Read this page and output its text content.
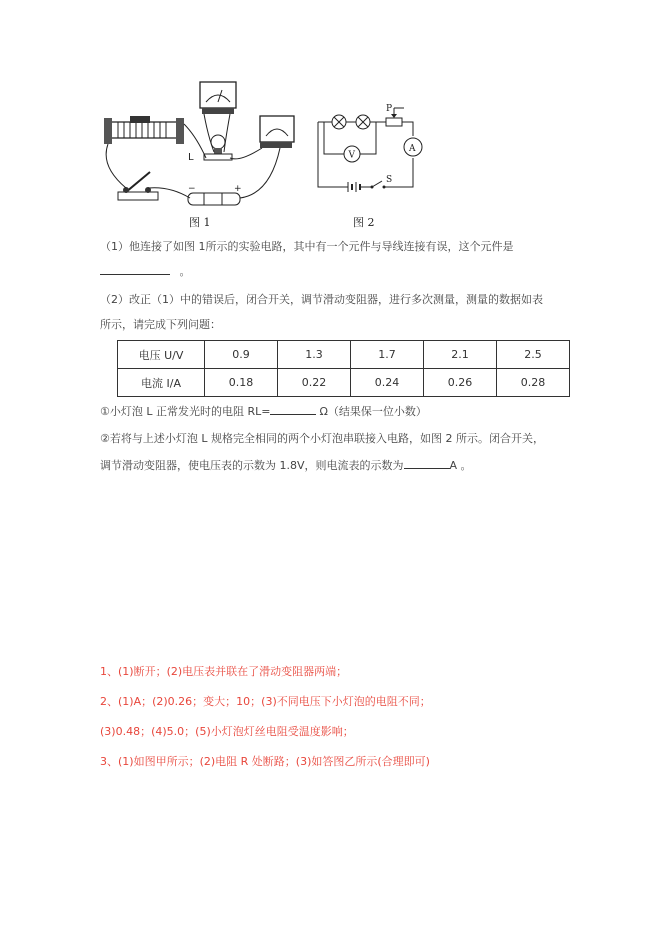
−	+
L
图 1
P
V
A
S
图 2
（1）他连接了如图 1所示的实验电路，其中有一个元件与导线连接有误，这个元件是
。
（2）改正（1）中的错误后，闭合开关，调节滑动变阻器，进行多次测量，测量的数据如表
所示，请完成下列问题：
电压 U/V	0.9	1.3	1.7	2.1	2.5
电流 I/A	0.18	0.22	0.24	0.26	0.28
①小灯泡 L 正常发光时的电阻 RL=	Ω（结果保一位小数）
②若将与上述小灯泡 L 规格完全相同的两个小灯泡串联接入电路，如图 2 所示。闭合开关，
调节滑动变阻器，使电压表的示数为 1.8V，则电流表的示数为	A 。
1、(1)断开；(2)电压表并联在了滑动变阻器两端；
2、(1)A；(2)0.26；变大；10；(3)不同电压下小灯泡的电阻不同；
(3)0.48；(4)5.0；(5)小灯泡灯丝电阻受温度影响；
3、(1)如图甲所示；(2)电阻 R 处断路；(3)如答图乙所示(合理即可)
